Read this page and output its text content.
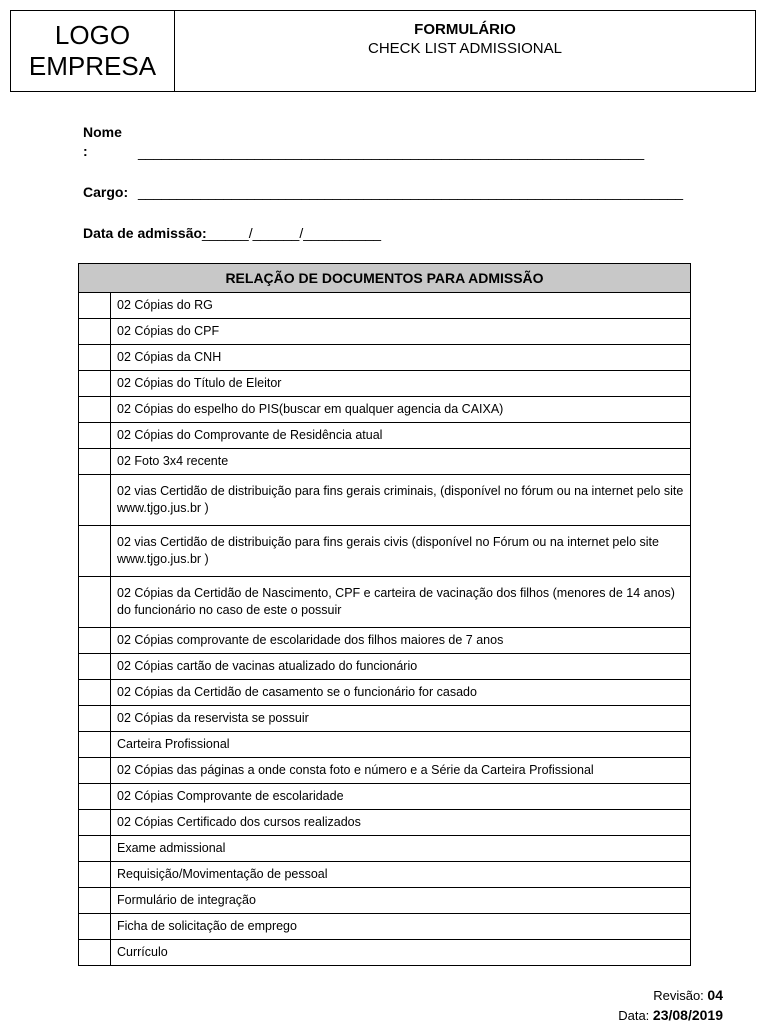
LOGO
EMPRESA
FORMULÁRIO
CHECK LIST ADMISSIONAL
Nome
:	_________________________________________________________________
Cargo: ______________________________________________________________________
Data de admissão:
______/______/__________
RELAÇÃO DE DOCUMENTOS PARA ADMISSÃO	
	02 Cópias do RG
	02 Cópias do CPF
	02 Cópias da CNH
	02 Cópias do Título de Eleitor
	02 Cópias do espelho do PIS(buscar em qualquer agencia da CAIXA)
	02 Cópias do Comprovante de Residência atual
	02 Foto 3x4 recente
	02 vias Certidão de distribuição para fins gerais criminais, (disponível no fórum ou na internet pelo site www.tjgo.jus.br )
	02 vias Certidão de distribuição para fins gerais civis (disponível no Fórum ou na internet pelo site www.tjgo.jus.br )
	02 Cópias da Certidão de Nascimento, CPF e carteira de vacinação dos filhos (menores de 14 anos) do funcionário no caso de este o possuir
	02 Cópias comprovante de escolaridade dos filhos maiores de 7 anos
	02 Cópias cartão de vacinas atualizado do funcionário
	02 Cópias da Certidão de casamento se o funcionário for casado
	02 Cópias da reservista se possuir
	Carteira Profissional
	02 Cópias das páginas a onde consta foto e número e a Série da Carteira Profissional
	02 Cópias Comprovante de escolaridade
	02 Cópias Certificado dos cursos realizados
	Exame admissional
	Requisição/Movimentação de pessoal
	Formulário de integração
	Ficha de solicitação de emprego
	Currículo
Revisão: 04
Data: 23/08/2019
